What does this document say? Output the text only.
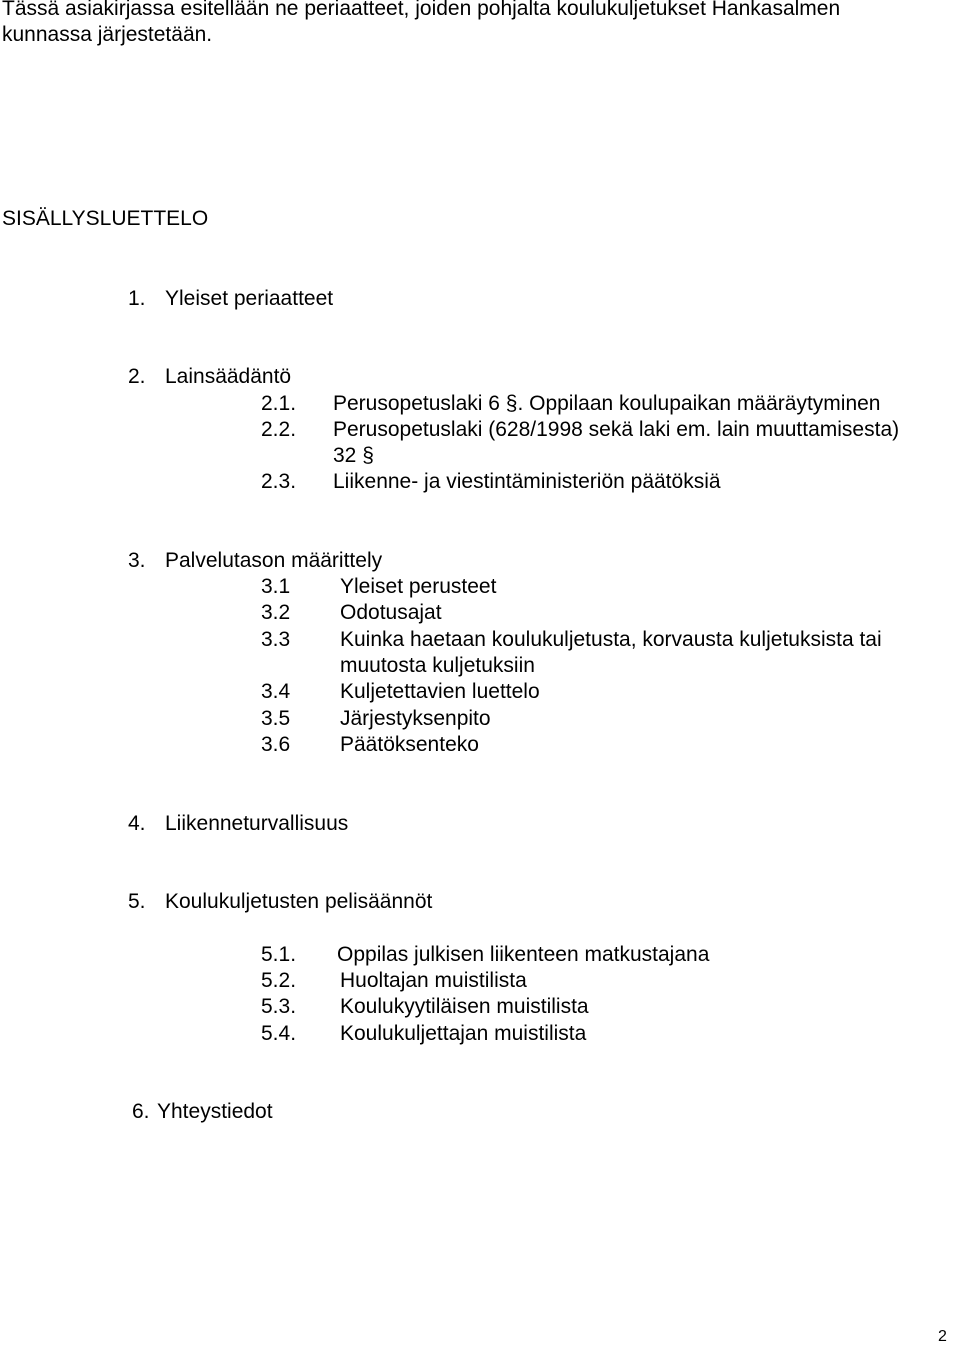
Tässä asiakirjassa esitellään ne periaatteet, joiden pohjalta koulukuljetukset Hankasalmen
kunnassa järjestetään.
SISÄLLYSLUETTELO
1. Yleiset periaatteet
2. Lainsäädäntö
2.1. Perusopetuslaki 6 §. Oppilaan koulupaikan määräytyminen
2.2. Perusopetuslaki (628/1998 sekä laki em. lain muuttamisesta)
32 §
2.3. Liikenne- ja viestintäministeriön päätöksiä
3. Palvelutason määrittely
3.1 Yleiset perusteet
3.2 Odotusajat
3.3 Kuinka haetaan koulukuljetusta, korvausta kuljetuksista tai
muutosta kuljetuksiin
3.4 Kuljetettavien luettelo
3.5 Järjestyksenpito
3.6 Päätöksenteko
4. Liikenneturvallisuus
5. Koulukuljetusten pelisäännöt
5.1. Oppilas julkisen liikenteen matkustajana
5.2. Huoltajan muistilista
5.3. Koulukyytiläisen muistilista
5.4. Koulukuljettajan muistilista
6. Yhteystiedot
2
